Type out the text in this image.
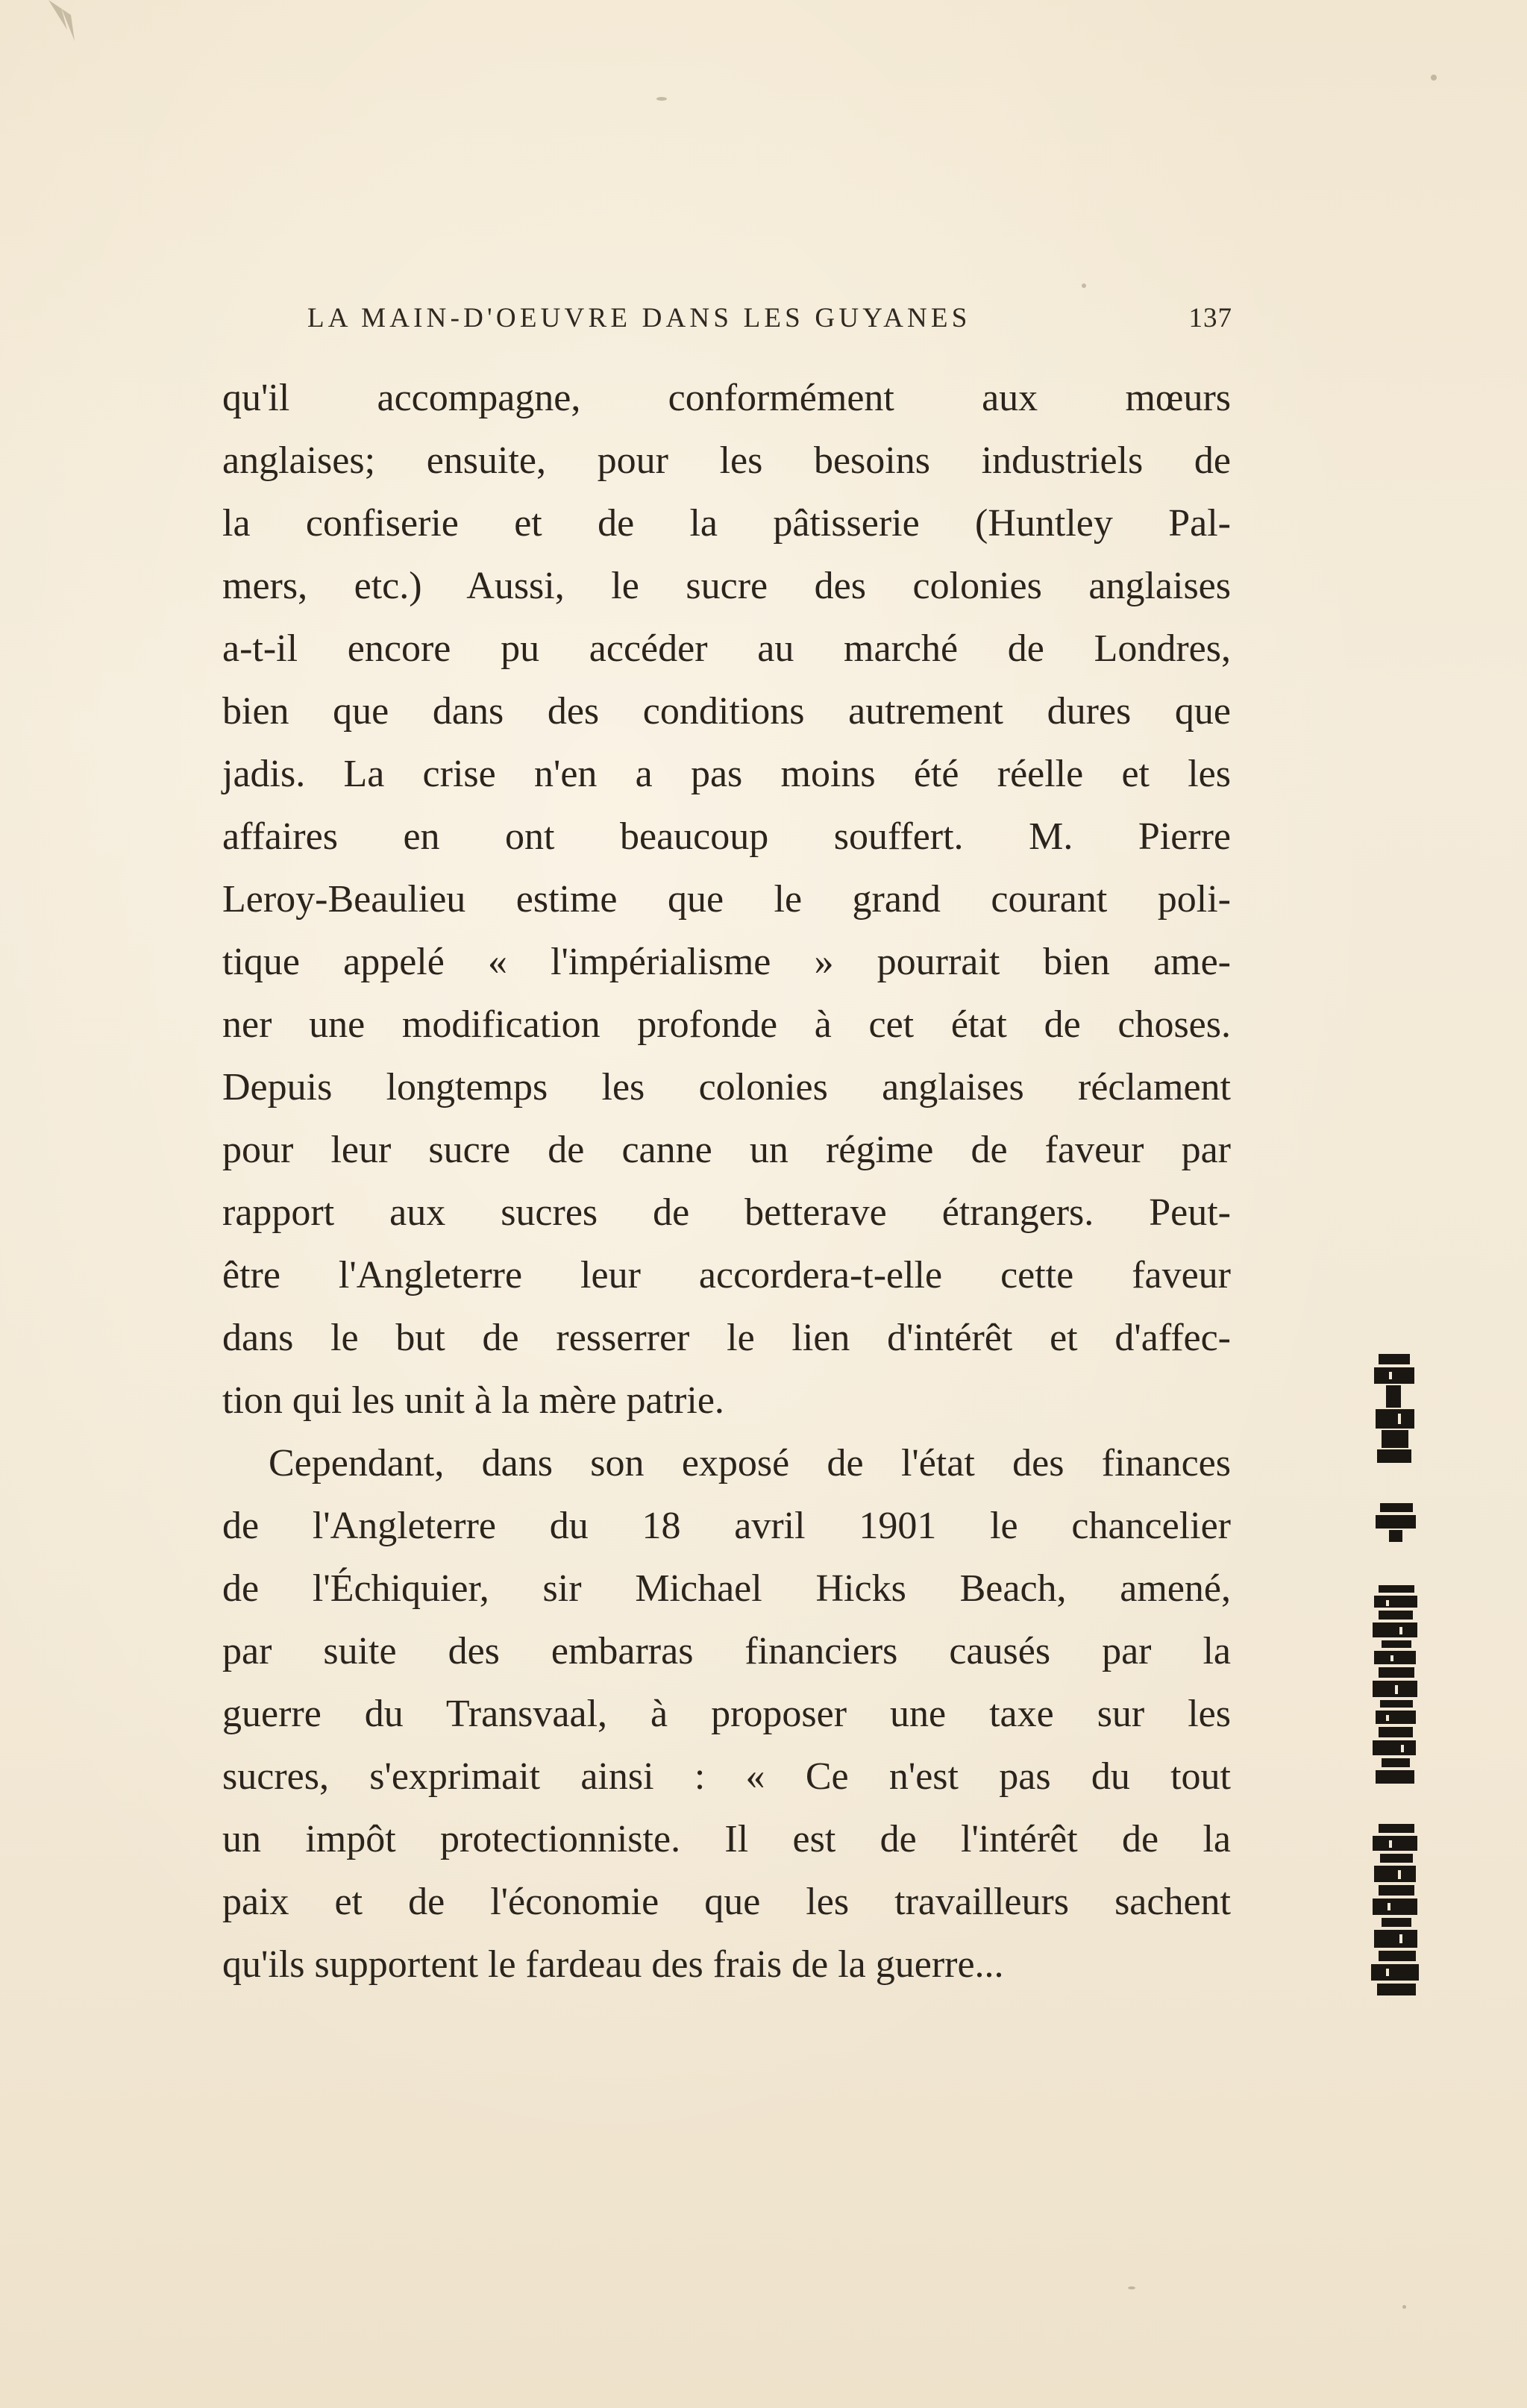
LA MAIN-D'OEUVRE DANS LES GUYANES	137
qu'il accompagne, conformément aux mœurs
anglaises; ensuite, pour les besoins industriels de
la confiserie et de la pâtisserie (Huntley Pal-
mers, etc.) Aussi, le sucre des colonies anglaises
a-t-il encore pu accéder au marché de Londres,
bien que dans des conditions autrement dures que
jadis. La crise n'en a pas moins été réelle et les
affaires en ont beaucoup souffert. M. Pierre
Leroy-Beaulieu estime que le grand courant poli-
tique appelé « l'impérialisme » pourrait bien ame-
ner une modification profonde à cet état de choses.
Depuis longtemps les colonies anglaises réclament
pour leur sucre de canne un régime de faveur par
rapport aux sucres de betterave étrangers. Peut-
être l'Angleterre leur accordera-t-elle cette faveur
dans le but de resserrer le lien d'intérêt et d'affec-
tion qui les unit à la mère patrie.
Cependant, dans son exposé de l'état des finances
de l'Angleterre du 18 avril 1901 le chancelier
de l'Échiquier, sir Michael Hicks Beach, amené,
par suite des embarras financiers causés par la
guerre du Transvaal, à proposer une taxe sur les
sucres, s'exprimait ainsi : « Ce n'est pas du tout
un impôt protectionniste. Il est de l'intérêt de la
paix et de l'économie que les travailleurs sachent
qu'ils supportent le fardeau des frais de la guerre...
